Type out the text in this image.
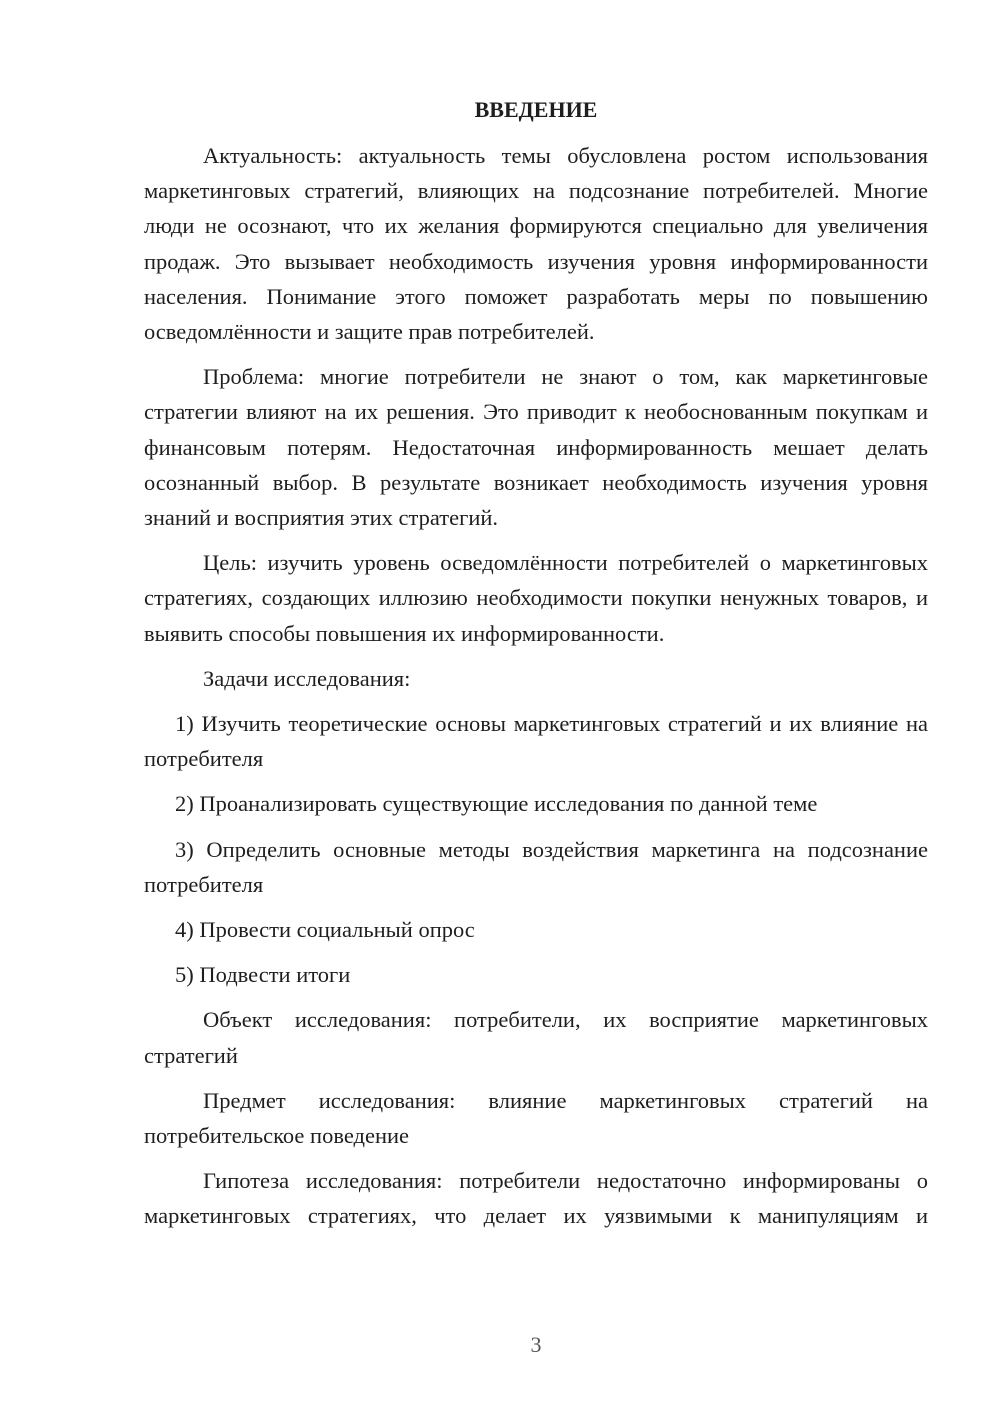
ВВЕДЕНИЕ

Актуальность: актуальность темы обусловлена ростом использования маркетинговых стратегий, влияющих на подсознание потребителей. Многие люди не осознают, что их желания формируются специально для увеличения продаж. Это вызывает необходимость изучения уровня информированности населения. Понимание этого поможет разработать меры по повышению осведомлённости и защите прав потребителей.

Проблема: многие потребители не знают о том, как маркетинговые стратегии влияют на их решения. Это приводит к необоснованным покупкам и финансовым потерям. Недостаточная информированность мешает делать осознанный выбор. В результате возникает необходимость изучения уровня знаний и восприятия этих стратегий.

Цель: изучить уровень осведомлённости потребителей о маркетинговых стратегиях, создающих иллюзию необходимости покупки ненужных товаров, и выявить способы повышения их информированности.

Задачи исследования:

1) Изучить теоретические основы маркетинговых стратегий и их влияние на потребителя

2) Проанализировать существующие исследования по данной теме

3) Определить основные методы воздействия маркетинга на подсознание потребителя

4) Провести социальный опрос

5) Подвести итоги

Объект исследования: потребители, их восприятие маркетинговых стратегий

Предмет исследования: влияние маркетинговых стратегий на потребительское поведение

Гипотеза исследования: потребители недостаточно информированы о маркетинговых стратегиях, что делает их уязвимыми к манипуляциям и

3
